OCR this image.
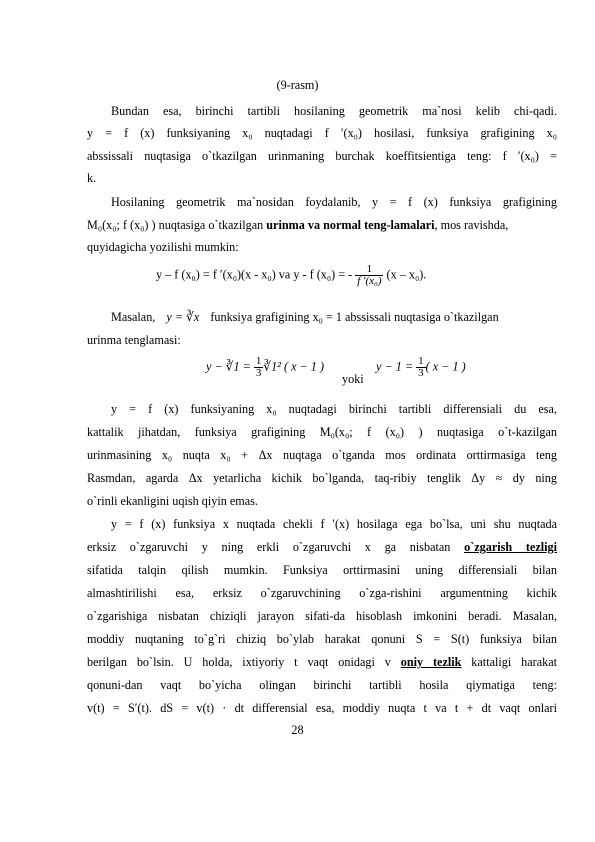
(9-rasm)
Bundan esa, birinchi tartibli hosilaning geometrik ma`nosi kelib chi-qadi.
y = f (x) funksiyaning x₀ nuqtadagi f ′(x₀) hosilasi, funksiya grafigining x₀
abssissali nuqtasiga o`tkazilgan urinmaning burchak koeffitsientiga teng: f ′(x₀) =
k.
Hosilaning geometrik ma`nosidan foydalanib, y = f (x) funksiya grafigining
M₀(x₀; f (x₀) ) nuqtasiga o`tkazilgan urinma va normal teng-lamalari, mos ravishda,
quyidagicha yozilishi mumkin:
y – f (x₀) = f ′(x₀)(x - x₀) va y - f (x₀) = - $\frac{1}{\text{f ′(x₀)}} (x - x_0)$.
Masalan, y = ∛x funksiya grafigining x₀ = 1 abssissali nuqtasiga o`tkazilgan
urinma tenglamasi:
y − ∛1 = $\frac{1}{3}$ ∛1² ( x − 1 )
yoki
$y - 1 = \frac{1}{3}$ ( x − 1 )
y = f (x) funksiyaning x₀ nuqtadagi birinchi tartibli differensiali du esa,
kattalik jihatdan, funksiya grafigining M₀(x₀; f (x₀) ) nuqtasiga o`t-kazilgan
urinmasining x₀ nuqta x₀ + Δx nuqtaga o`tganda mos ordinata orttirmasiga teng
Rasmdan, agarda Δx yetarlicha kichik bo`lganda, taq-ribiy tenglik Δy ≈ dy ning
o`rinli ekanligini uqish qiyin emas.
y = f (x) funksiya x nuqtada chekli f ′(x) hosilaga ega bo`lsa, uni shu nuqtada
erksiz o`zgaruvchi y ning erkli o`zgaruvchi x ga nisbatan o`zgarish tezligi
sifatida talqin qilish mumkin. Funksiya orttirmasini uning differensiali bilan
almashtirilishi esa, erksiz o`zgaruvchining o`zga-rishini argumentning kichik
o`zgarishiga nisbatan chiziqli jarayon sifati-da hisoblash imkonini beradi. Masalan,
moddiy nuqtaning to`g`ri chiziq bo`ylab harakat qonuni S = S(t) funksiya bilan
berilgan bo`lsin. U holda, ixtiyoriy t vaqt onidagi v oniy tezlik kattaligi harakat
qonuni-dan vaqt bo`yicha olingan birinchi tartibli hosila qiymatiga teng:
v(t) = S′(t). dS = v(t) · dt differensial esa, moddiy nuqta t va t + dt vaqt onlari
28
